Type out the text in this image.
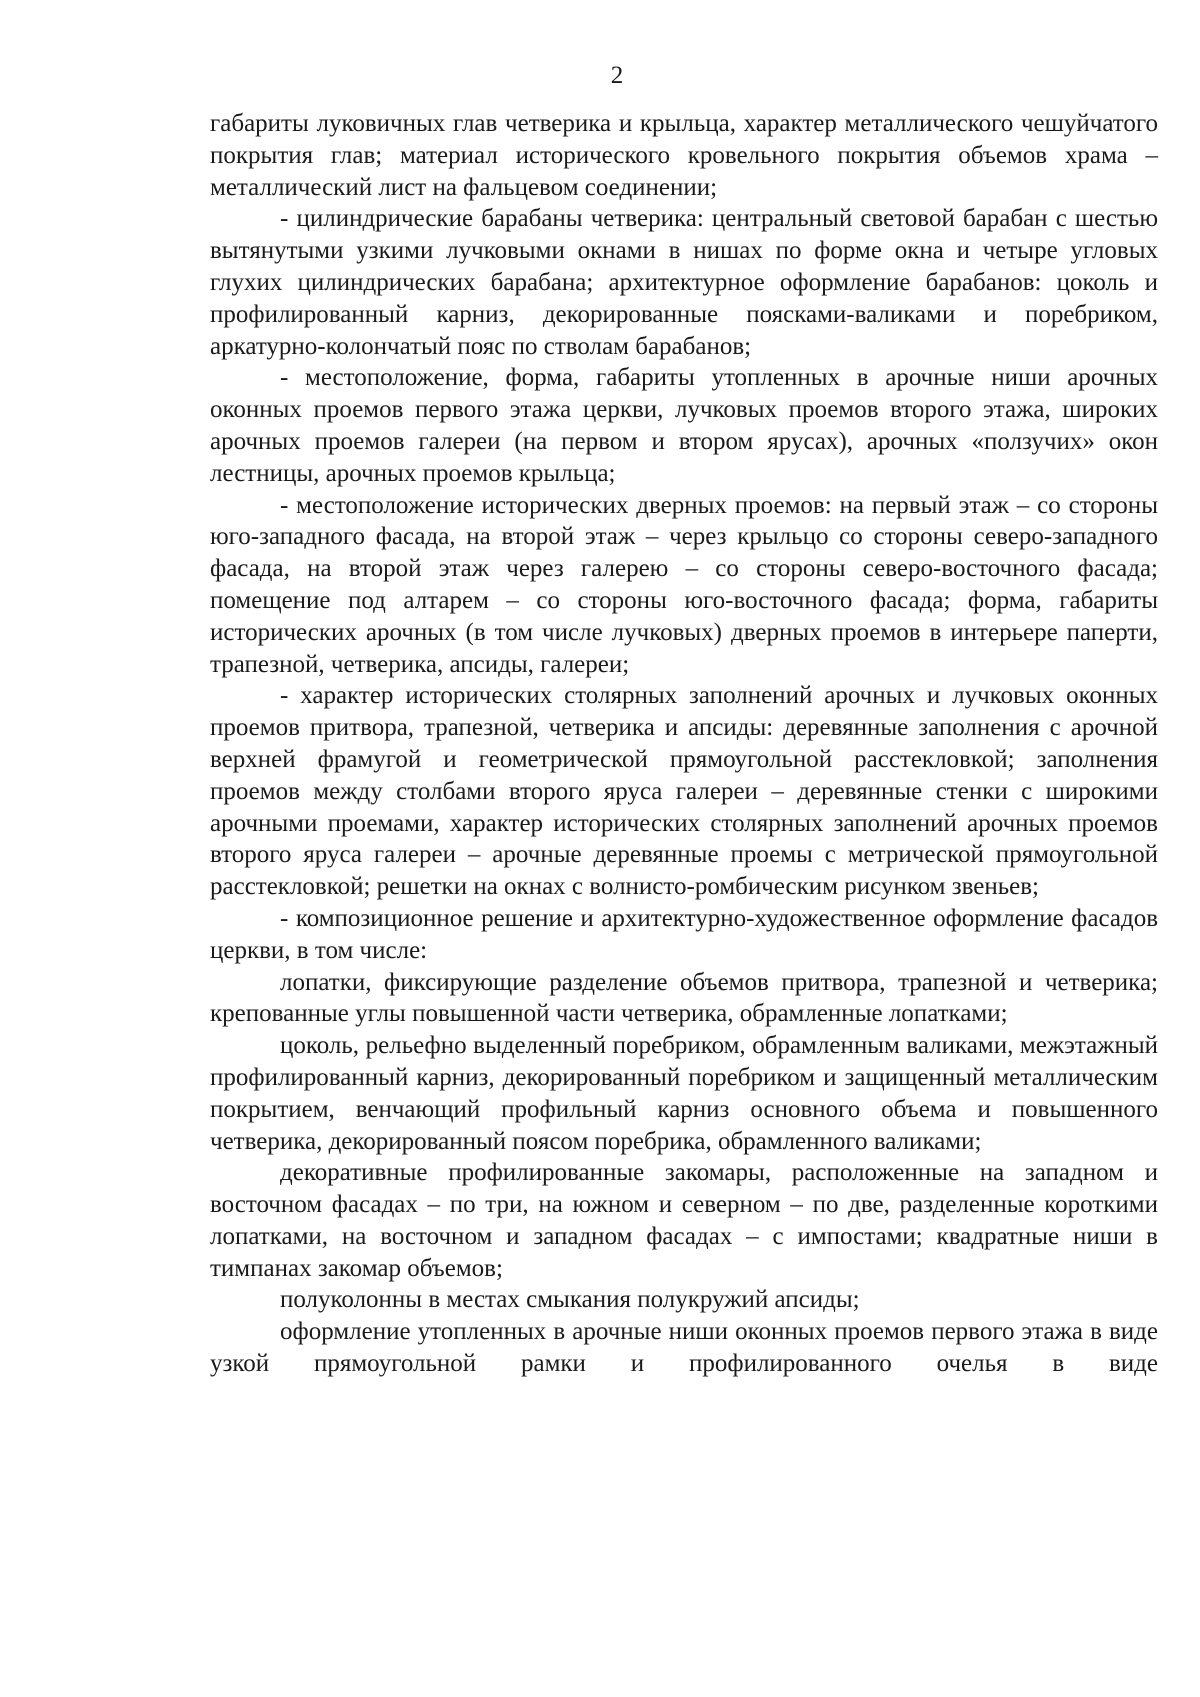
2

габариты луковичных глав четверика и крыльца, характер металлического чешуйчатого покрытия глав; материал исторического кровельного покрытия объемов храма – металлический лист на фальцевом соединении;

- цилиндрические барабаны четверика: центральный световой барабан с шестью вытянутыми узкими лучковыми окнами в нишах по форме окна и четыре угловых глухих цилиндрических барабана; архитектурное оформление барабанов: цоколь и профилированный карниз, декорированные поясками-валиками и поребриком, аркатурно-колончатый пояс по стволам барабанов;

- местоположение, форма, габариты утопленных в арочные ниши арочных оконных проемов первого этажа церкви, лучковых проемов второго этажа, широких арочных проемов галереи (на первом и втором ярусах), арочных «ползучих» окон лестницы, арочных проемов крыльца;

- местоположение исторических дверных проемов: на первый этаж – со стороны юго-западного фасада, на второй этаж – через крыльцо со стороны северо-западного фасада, на второй этаж через галерею – со стороны северо-восточного фасада; помещение под алтарем – со стороны юго-восточного фасада; форма, габариты исторических арочных (в том числе лучковых) дверных проемов в интерьере паперти, трапезной, четверика, апсиды, галереи;

- характер исторических столярных заполнений арочных и лучковых оконных проемов притвора, трапезной, четверика и апсиды: деревянные заполнения с арочной верхней фрамугой и геометрической прямоугольной расстекловкой; заполнения проемов между столбами второго яруса галереи – деревянные стенки с широкими арочными проемами, характер исторических столярных заполнений арочных проемов второго яруса галереи – арочные деревянные проемы с метрической прямоугольной расстекловкой; решетки на окнах с волнисто-ромбическим рисунком звеньев;

- композиционное решение и архитектурно-художественное оформление фасадов церкви, в том числе:

лопатки, фиксирующие разделение объемов притвора, трапезной и четверика; крепованные углы повышенной части четверика, обрамленные лопатками;

цоколь, рельефно выделенный поребриком, обрамленным валиками, межэтажный профилированный карниз, декорированный поребриком и защищенный металлическим покрытием, венчающий профильный карниз основного объема и повышенного четверика, декорированный поясом поребрика, обрамленного валиками;

декоративные профилированные закомары, расположенные на западном и восточном фасадах – по три, на южном и северном – по две, разделенные короткими лопатками, на восточном и западном фасадах – с импостами; квадратные ниши в тимпанах закомар объемов;

полуколонны в местах смыкания полукружий апсиды;

оформление утопленных в арочные ниши оконных проемов первого этажа в виде узкой прямоугольной рамки и профилированного очелья в виде
